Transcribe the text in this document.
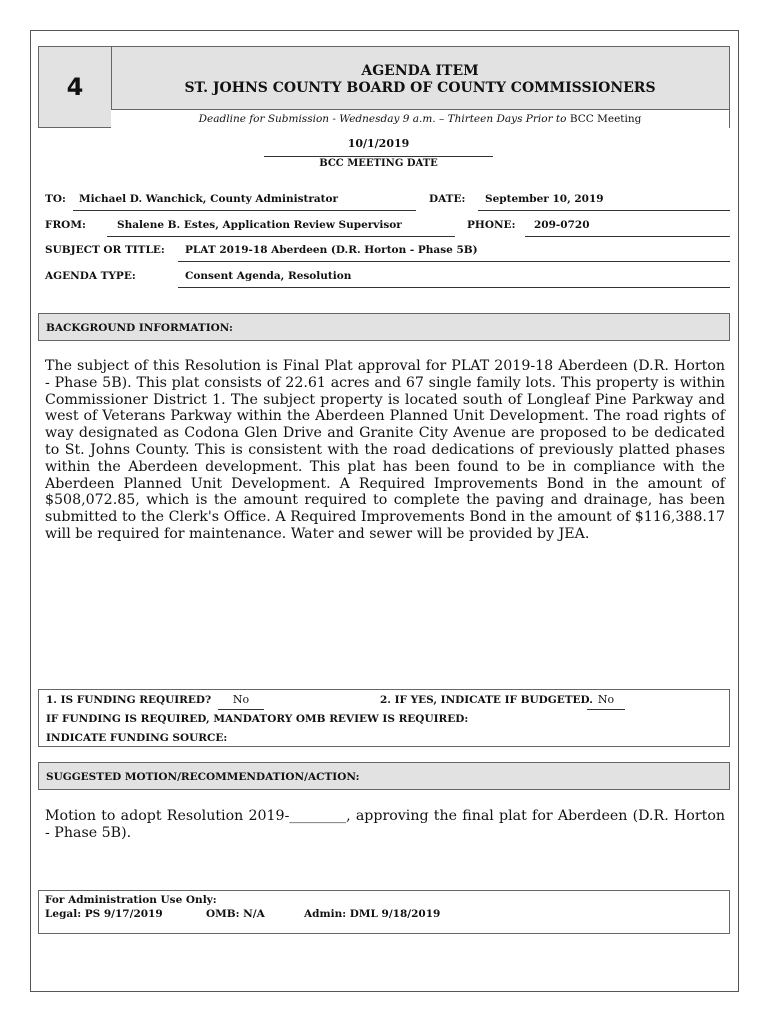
4
AGENDA ITEM
ST. JOHNS COUNTY BOARD OF COUNTY COMMISSIONERS
Deadline for Submission - Wednesday 9 a.m. – Thirteen Days Prior to BCC Meeting
10/1/2019
BCC MEETING DATE
TO: Michael D. Wanchick, County Administrator	DATE: September 10, 2019
FROM:	Shalene B. Estes, Application Review Supervisor	PHONE: 209-0720
SUBJECT OR TITLE: PLAT 2019-18 Aberdeen (D.R. Horton - Phase 5B)
AGENDA TYPE:	Consent Agenda, Resolution
BACKGROUND INFORMATION:
The subject of this Resolution is Final Plat approval for PLAT 2019-18 Aberdeen (D.R. Horton - Phase 5B). This plat consists of 22.61 acres and 67 single family lots. This property is within Commissioner District 1. The subject property is located south of Longleaf Pine Parkway and west of Veterans Parkway within the Aberdeen Planned Unit Development. The road rights of way designated as Codona Glen Drive and Granite City Avenue are proposed to be dedicated to St. Johns County. This is consistent with the road dedications of previously platted phases within the Aberdeen development. This plat has been found to be in compliance with the Aberdeen Planned Unit Development. A Required Improvements Bond in the amount of $508,072.85, which is the amount required to complete the paving and drainage, has been submitted to the Clerk's Office. A Required Improvements Bond in the amount of $116,388.17 will be required for maintenance. Water and sewer will be provided by JEA.
1. IS FUNDING REQUIRED?	No	2. IF YES, INDICATE IF BUDGETED. No
IF FUNDING IS REQUIRED, MANDATORY OMB REVIEW IS REQUIRED:
INDICATE FUNDING SOURCE:
SUGGESTED MOTION/RECOMMENDATION/ACTION:
Motion to adopt Resolution 2019-________, approving the final plat for Aberdeen (D.R. Horton - Phase 5B).
For Administration Use Only:
Legal: PS 9/17/2019	OMB: N/A	Admin: DML 9/18/2019
